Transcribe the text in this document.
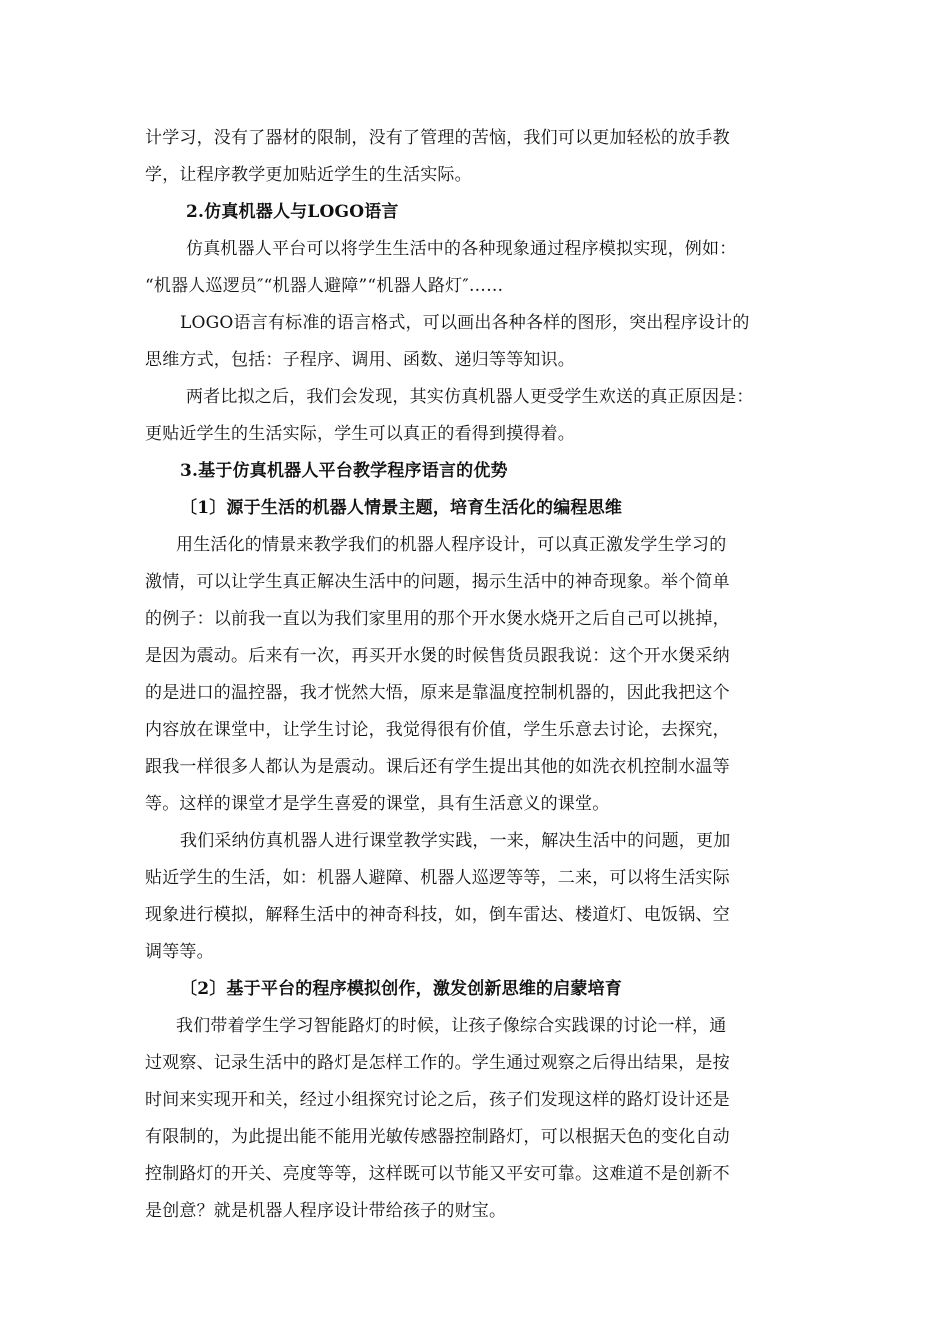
计学习，没有了器材的限制，没有了管理的苦恼，我们可以更加轻松的放手教
学，让程序教学更加贴近学生的生活实际。
2.仿真机器人与LOGO语言
仿真机器人平台可以将学生生活中的各种现象通过程序模拟实现，例如：
“机器人巡逻员″“机器人避障”“机器人路灯″……
LOGO语言有标准的语言格式，可以画出各种各样的图形，突出程序设计的
思维方式，包括：子程序、调用、函数、递归等等知识。
两者比拟之后，我们会发现，其实仿真机器人更受学生欢送的真正原因是：
更贴近学生的生活实际，学生可以真正的看得到摸得着。
3.基于仿真机器人平台教学程序语言的优势
〔1〕源于生活的机器人情景主题，培育生活化的编程思维
用生活化的情景来教学我们的机器人程序设计，可以真正激发学生学习的
激情，可以让学生真正解决生活中的问题，揭示生活中的神奇现象。举个简单
的例子：以前我一直以为我们家里用的那个开水煲水烧开之后自己可以挑掉，
是因为震动。后来有一次，再买开水煲的时候售货员跟我说：这个开水煲采纳
的是进口的温控器，我才恍然大悟，原来是靠温度控制机器的，因此我把这个
内容放在课堂中，让学生讨论，我觉得很有价值，学生乐意去讨论，去探究，
跟我一样很多人都认为是震动。课后还有学生提出其他的如洗衣机控制水温等
等。这样的课堂才是学生喜爱的课堂，具有生活意义的课堂。
我们采纳仿真机器人进行课堂教学实践，一来，解决生活中的问题，更加
贴近学生的生活，如：机器人避障、机器人巡逻等等，二来，可以将生活实际
现象进行模拟，解释生活中的神奇科技，如，倒车雷达、楼道灯、电饭锅、空
调等等。
〔2〕基于平台的程序模拟创作，激发创新思维的启蒙培育
我们带着学生学习智能路灯的时候，让孩子像综合实践课的讨论一样，通
过观察、记录生活中的路灯是怎样工作的。学生通过观察之后得出结果，是按
时间来实现开和关，经过小组探究讨论之后，孩子们发现这样的路灯设计还是
有限制的，为此提出能不能用光敏传感器控制路灯，可以根据天色的变化自动
控制路灯的开关、亮度等等，这样既可以节能又平安可靠。这难道不是创新不
是创意？就是机器人程序设计带给孩子的财宝。
